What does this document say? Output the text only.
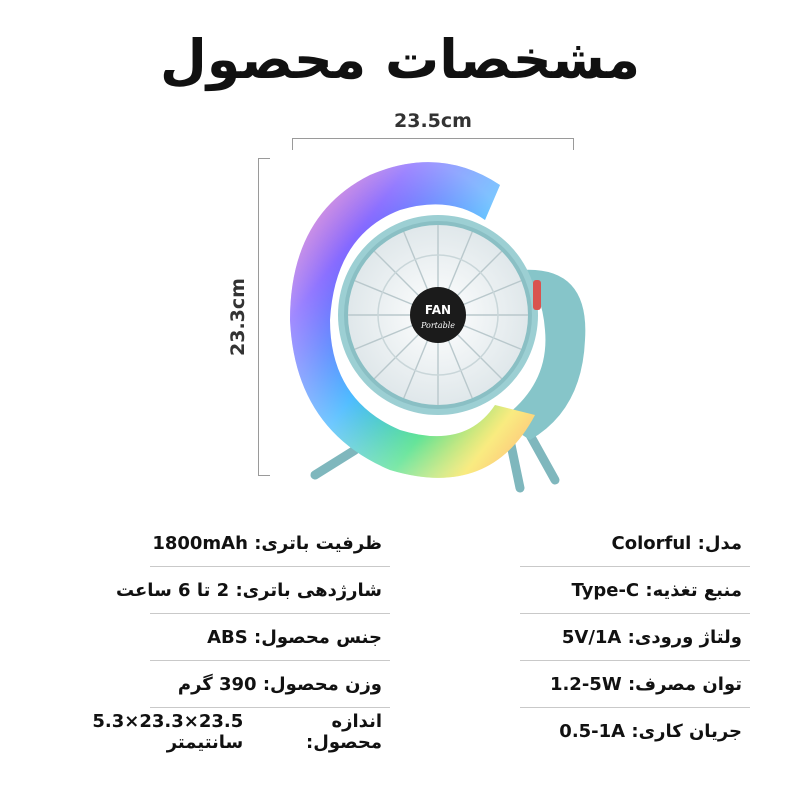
مشخصات محصول
23.5cm
23.3cm	FAN
Portable
مدل:

Colorful
ظرفیت باتری:

1800mAh
منبع تغذیه:

Type-C
شارژدهی باتری:

2 تا 6 ساعت
ولتاژ ورودی:

5V/1A
جنس محصول:

ABS
توان مصرف:

1.2-5W
وزن محصول:

390 گرم
جریان کاری:

0.5-1A
اندازه محصول:

23.5×23.3×5.3 سانتیمتر
